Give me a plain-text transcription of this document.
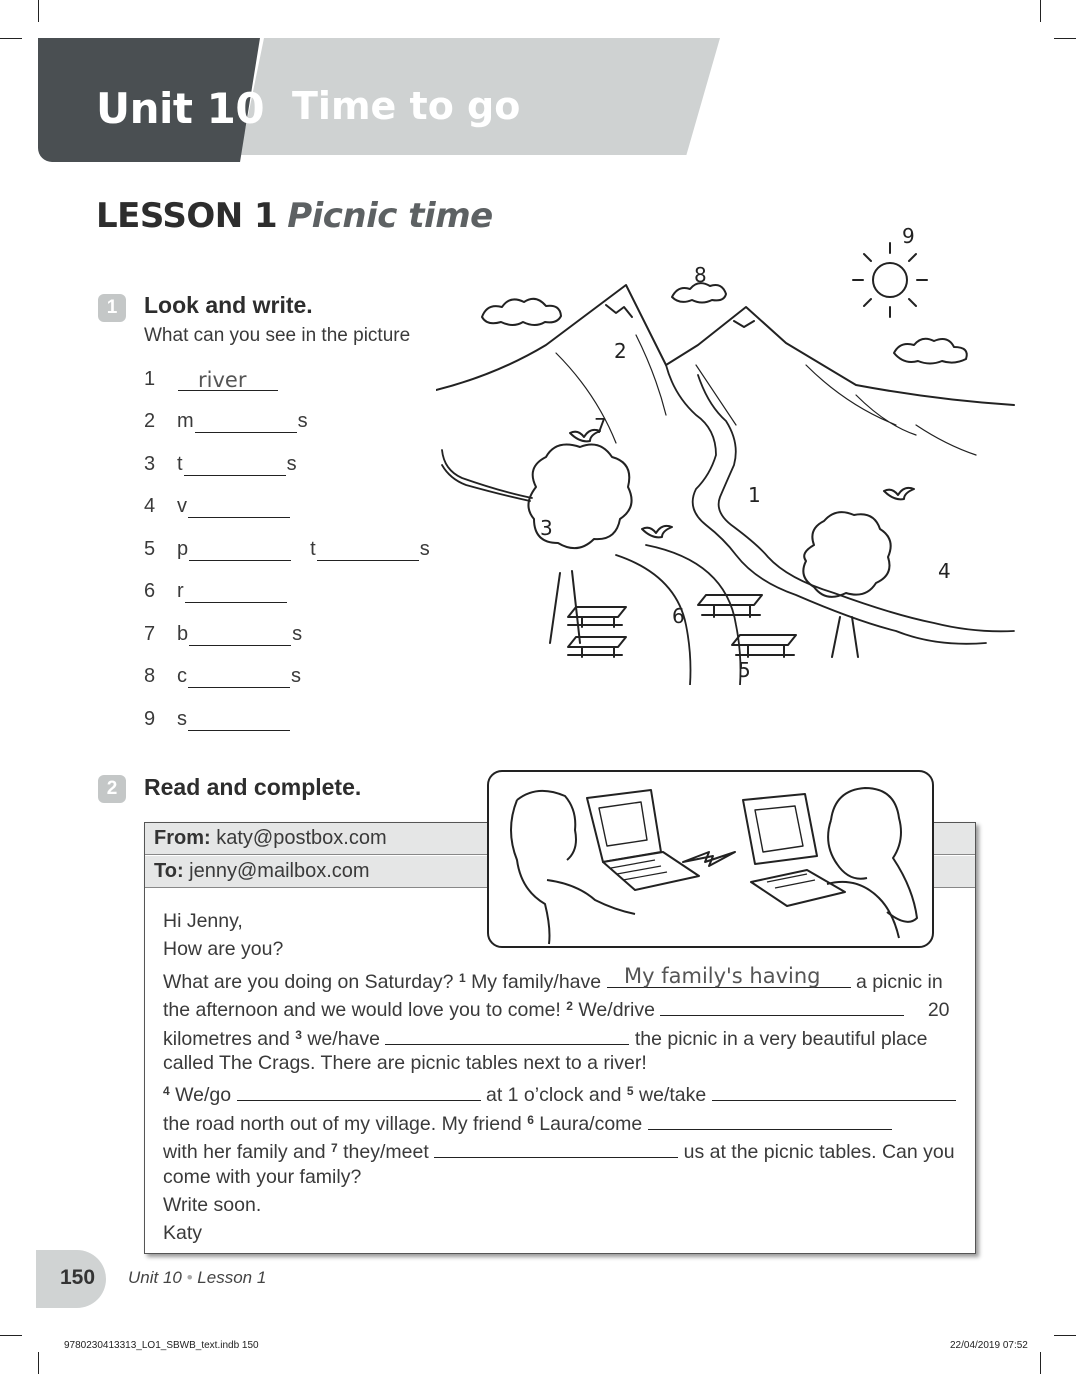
Unit 10 Time to go
LESSON 1 Picnic time
1	Look and write.
What can you see in the picture
1	river
2	m	s
3	t	s
4	v
5	p	t	s
6	r
7	b	s
8	c	s
9	s
1
2
3
4
5
6
7
8
9
2	Read and complete.
From: katy@postbox.com
To: jenny@mailbox.com
Hi Jenny,
How are you?
What are you doing on Saturday? $^1$ My family/have	a picnic in
the afternoon and we would love you to come! $^2$ We/drive	20
kilometres and $^3$ we/have	the picnic in a very beautiful place
called The Crags. There are picnic tables next to a river!
$^4$ We/go	at 1 o’clock and $^5$ we/take
the road north out of my village. My friend $^6$ Laura/come
with her family and $^7$ they/meet	us at the picnic tables. Can you
come with your family?
Write soon.
Katy
My family's having
150 Unit 10 • Lesson 1
9780230413313_LO1_SBWB_text.indb 150	22/04/2019 07:52
